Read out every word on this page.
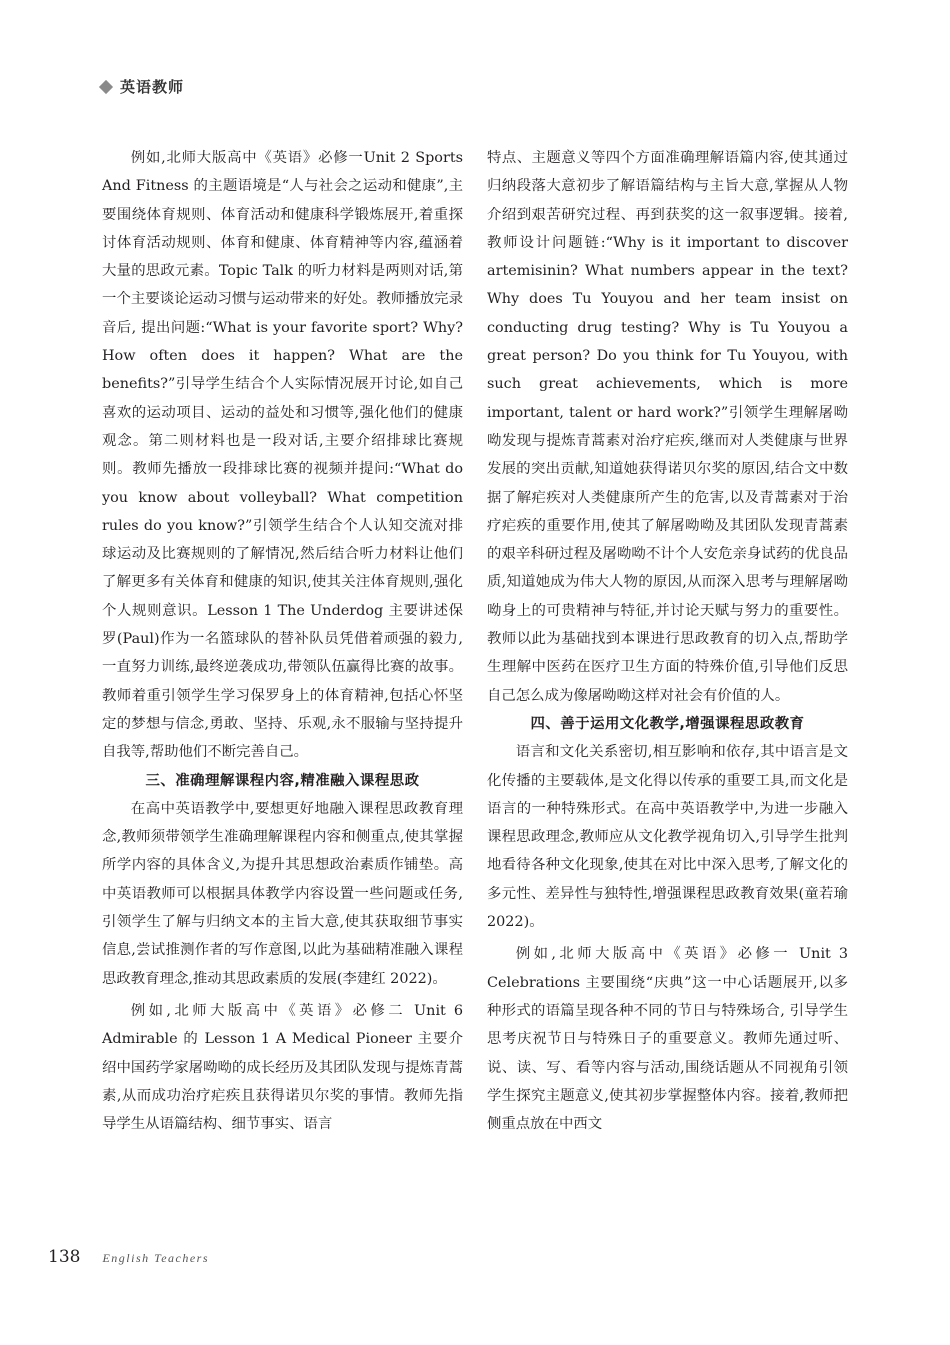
英语教师

例如,北师大版高中《英语》必修一Unit 2 Sports And Fitness 的主题语境是“人与社会之运动和健康”,主要围绕体育规则、体育活动和健康科学锻炼展开,着重探讨体育活动规则、体育和健康、体育精神等内容,蕴涵着大量的思政元素。Topic Talk 的听力材料是两则对话,第一个主要谈论运动习惯与运动带来的好处。教师播放完录音后, 提出问题:“What is your favorite sport? Why? How often does it happen? What are the benefits?”引导学生结合个人实际情况展开讨论,如自己喜欢的运动项目、运动的益处和习惯等,强化他们的健康观念。第二则材料也是一段对话,主要介绍排球比赛规则。教师先播放一段排球比赛的视频并提问:“What do you know about volleyball? What competition rules do you know?”引领学生结合个人认知交流对排球运动及比赛规则的了解情况,然后结合听力材料让他们了解更多有关体育和健康的知识,使其关注体育规则,强化个人规则意识。Lesson 1 The Underdog 主要讲述保罗(Paul)作为一名篮球队的替补队员凭借着顽强的毅力,一直努力训练,最终逆袭成功,带领队伍赢得比赛的故事。教师着重引领学生学习保罗身上的体育精神,包括心怀坚定的梦想与信念,勇敢、坚持、乐观,永不服输与坚持提升自我等,帮助他们不断完善自己。

三、准确理解课程内容,精准融入课程思政

在高中英语教学中,要想更好地融入课程思政教育理念,教师须带领学生准确理解课程内容和侧重点,使其掌握所学内容的具体含义,为提升其思想政治素质作铺垫。高中英语教师可以根据具体教学内容设置一些问题或任务,引领学生了解与归纳文本的主旨大意,使其获取细节事实信息,尝试推测作者的写作意图,以此为基础精准融入课程思政教育理念,推动其思政素质的发展(李建红 2022)。

例如,北师大版高中《英语》必修二 Unit 6 Admirable 的 Lesson 1 A Medical Pioneer 主要介绍中国药学家屠呦呦的成长经历及其团队发现与提炼青蒿素,从而成功治疗疟疾且获得诺贝尔奖的事情。教师先指导学生从语篇结构、细节事实、语言

特点、主题意义等四个方面准确理解语篇内容,使其通过归纳段落大意初步了解语篇结构与主旨大意,掌握从人物介绍到艰苦研究过程、再到获奖的这一叙事逻辑。接着,教师设计问题链:“Why is it important to discover artemisinin? What numbers appear in the text? Why does Tu Youyou and her team insist on conducting drug testing? Why is Tu Youyou a great person? Do you think for Tu Youyou, with such great achievements, which is more important, talent or hard work?”引领学生理解屠呦呦发现与提炼青蒿素对治疗疟疾,继而对人类健康与世界发展的突出贡献,知道她获得诺贝尔奖的原因,结合文中数据了解疟疾对人类健康所产生的危害,以及青蒿素对于治疗疟疾的重要作用,使其了解屠呦呦及其团队发现青蒿素的艰辛科研过程及屠呦呦不计个人安危亲身试药的优良品质,知道她成为伟大人物的原因,从而深入思考与理解屠呦呦身上的可贵精神与特征,并讨论天赋与努力的重要性。教师以此为基础找到本课进行思政教育的切入点,帮助学生理解中医药在医疗卫生方面的特殊价值,引导他们反思自己怎么成为像屠呦呦这样对社会有价值的人。

四、善于运用文化教学,增强课程思政教育

语言和文化关系密切,相互影响和依存,其中语言是文化传播的主要载体,是文化得以传承的重要工具,而文化是语言的一种特殊形式。在高中英语教学中,为进一步融入课程思政理念,教师应从文化教学视角切入,引导学生批判地看待各种文化现象,使其在对比中深入思考,了解文化的多元性、差异性与独特性,增强课程思政教育效果(童若瑜 2022)。

例如,北师大版高中《英语》必修一 Unit 3 Celebrations 主要围绕“庆典”这一中心话题展开,以多种形式的语篇呈现各种不同的节日与特殊场合, 引导学生思考庆祝节日与特殊日子的重要意义。教师先通过听、说、读、写、看等内容与活动,围绕话题从不同视角引领学生探究主题意义,使其初步掌握整体内容。接着,教师把侧重点放在中西文

138 English Teachers
